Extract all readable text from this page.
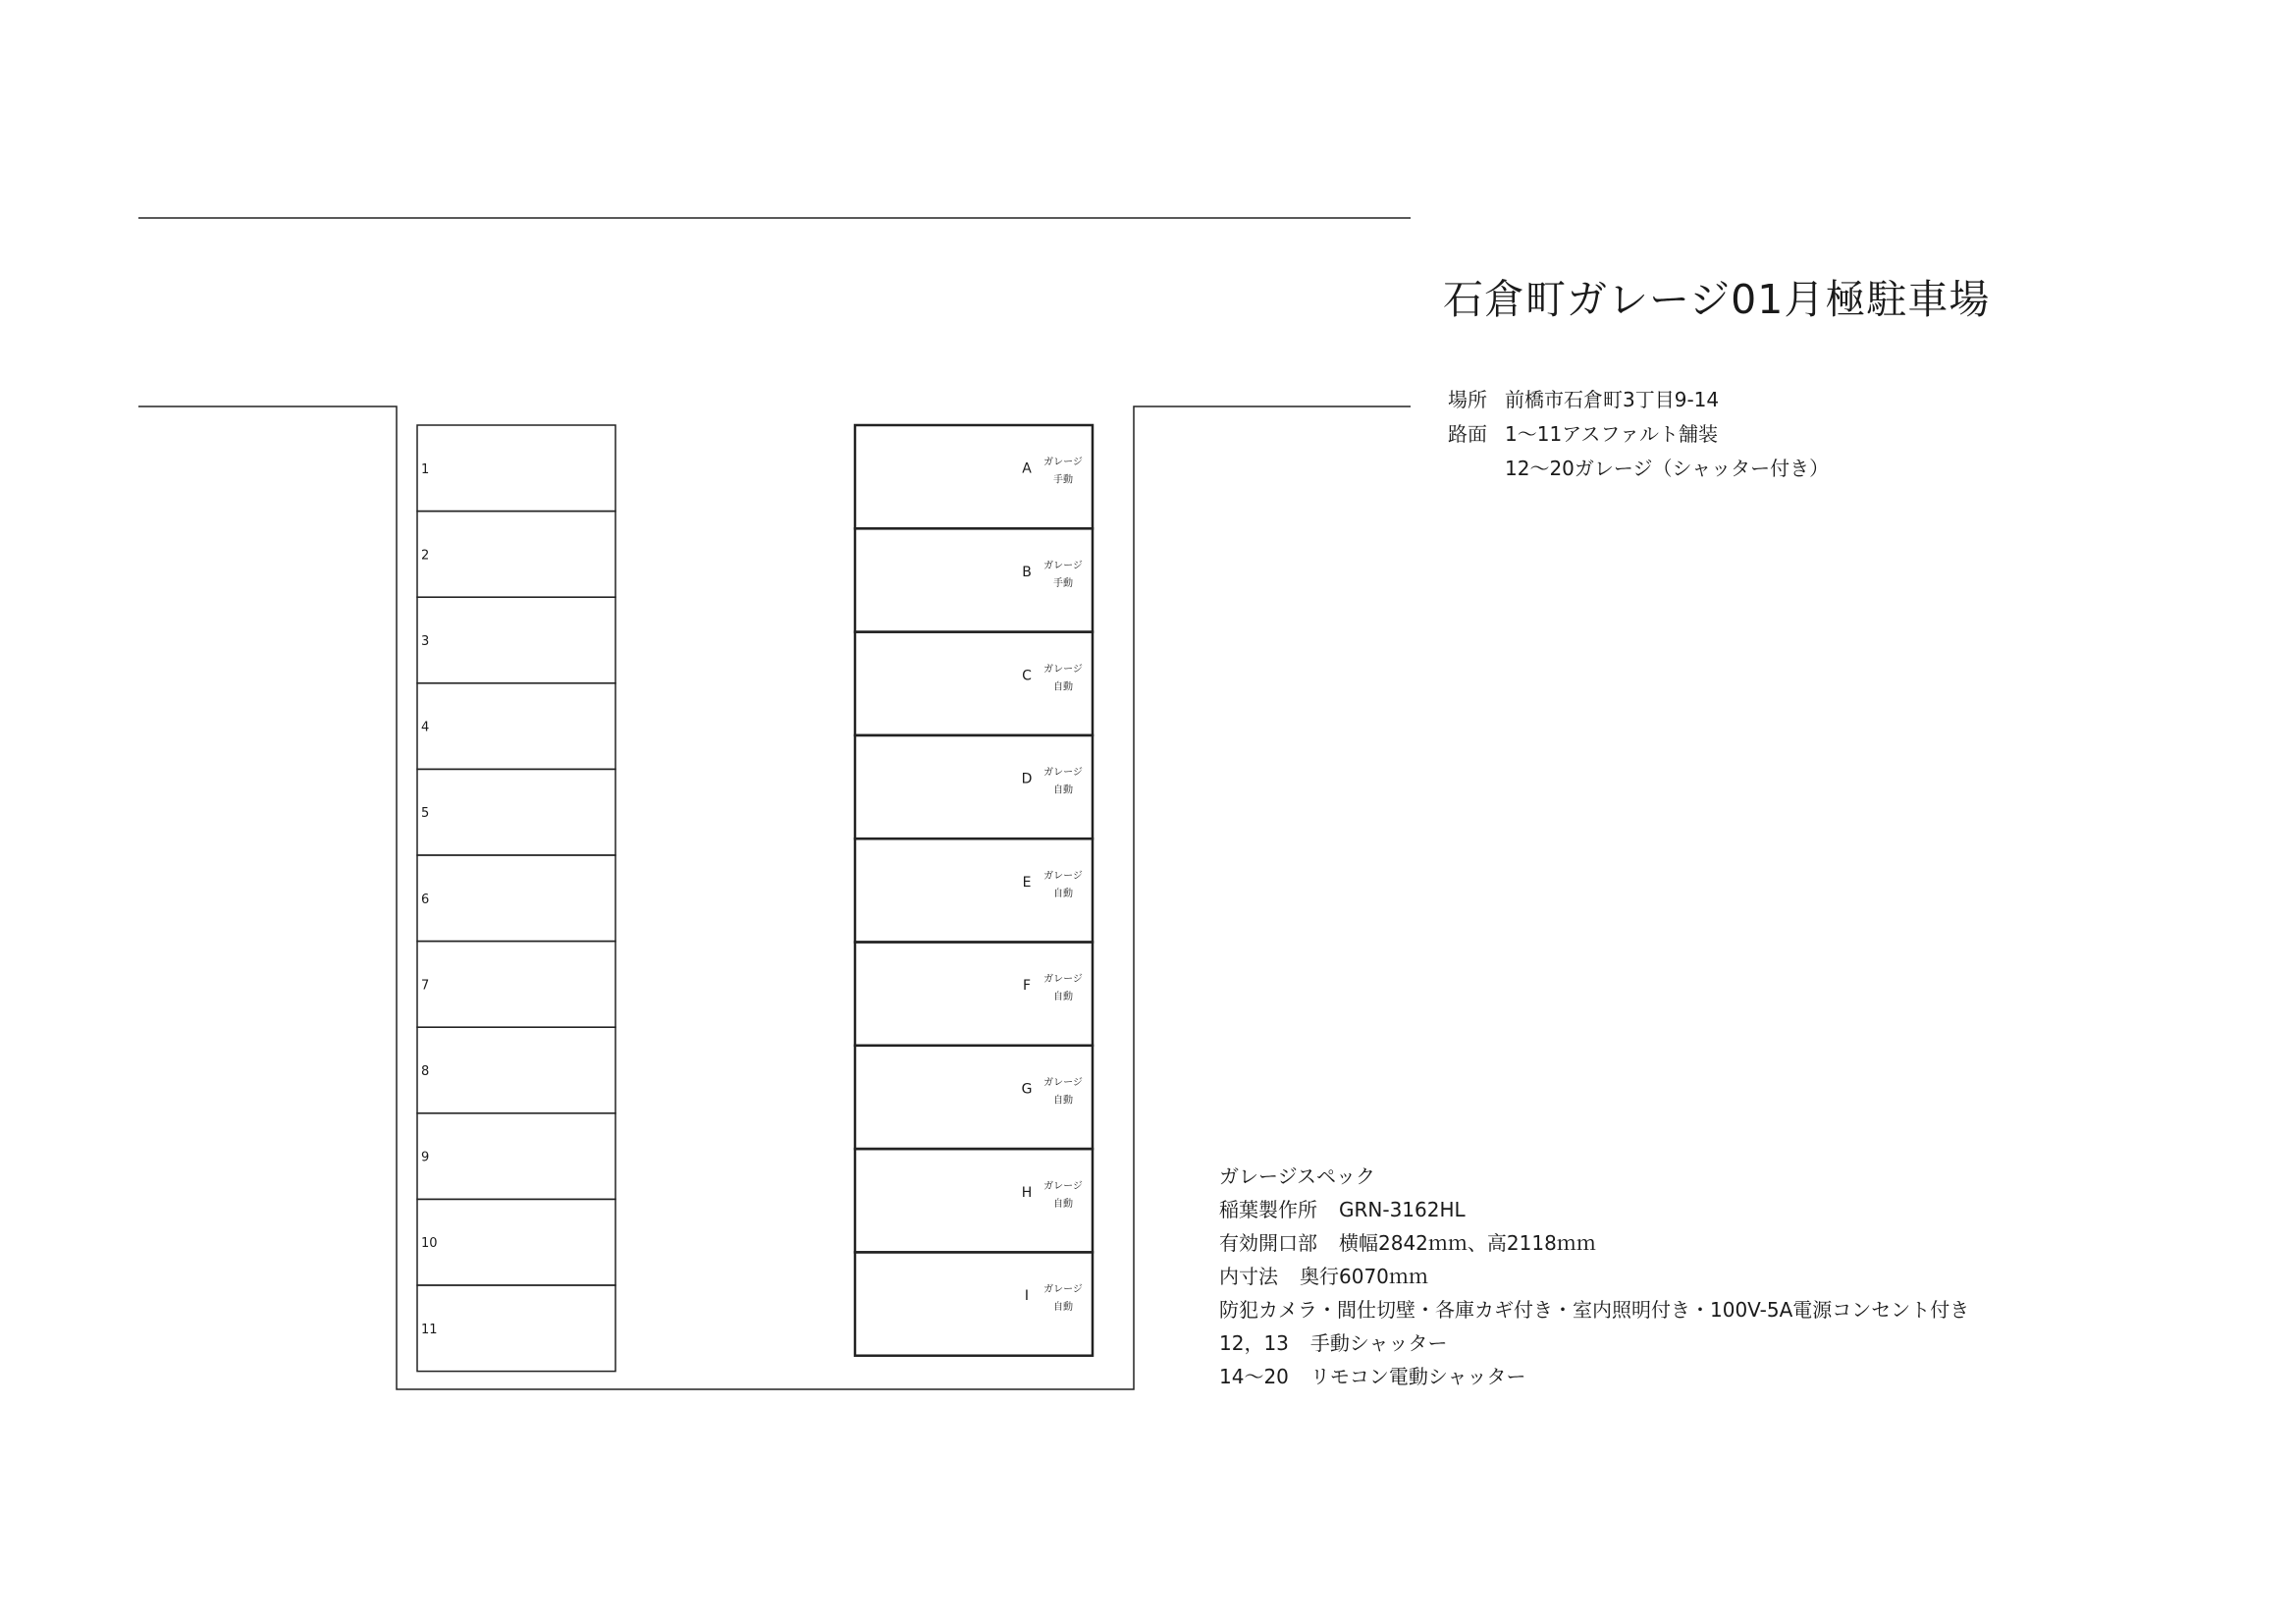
1
2
3
4
5
6
7
8
9
10
11
A ガレージ
手動
B ガレージ
手動
C ガレージ
自動
D ガレージ
自動
E ガレージ
自動
F ガレージ
自動
G ガレージ
自動
H ガレージ
自動
I ガレージ
自動
石倉町ガレージ01月極駐車場
場所 前橋市石倉町3丁目9-14
路面 1〜11アスファルト舗装
12〜20ガレージ（シャッター付き）
ガレージスペック
稲葉製作所 GRN-3162HL
有効開口部 横幅2842ｍｍ、高2118ｍｍ
内寸法 奥行6070ｍｍ
防犯カメラ・間仕切壁・各庫カギ付き・室内照明付き・100V-5A電源コンセント付き
12，13 手動シャッター
14〜20 リモコン電動シャッター
